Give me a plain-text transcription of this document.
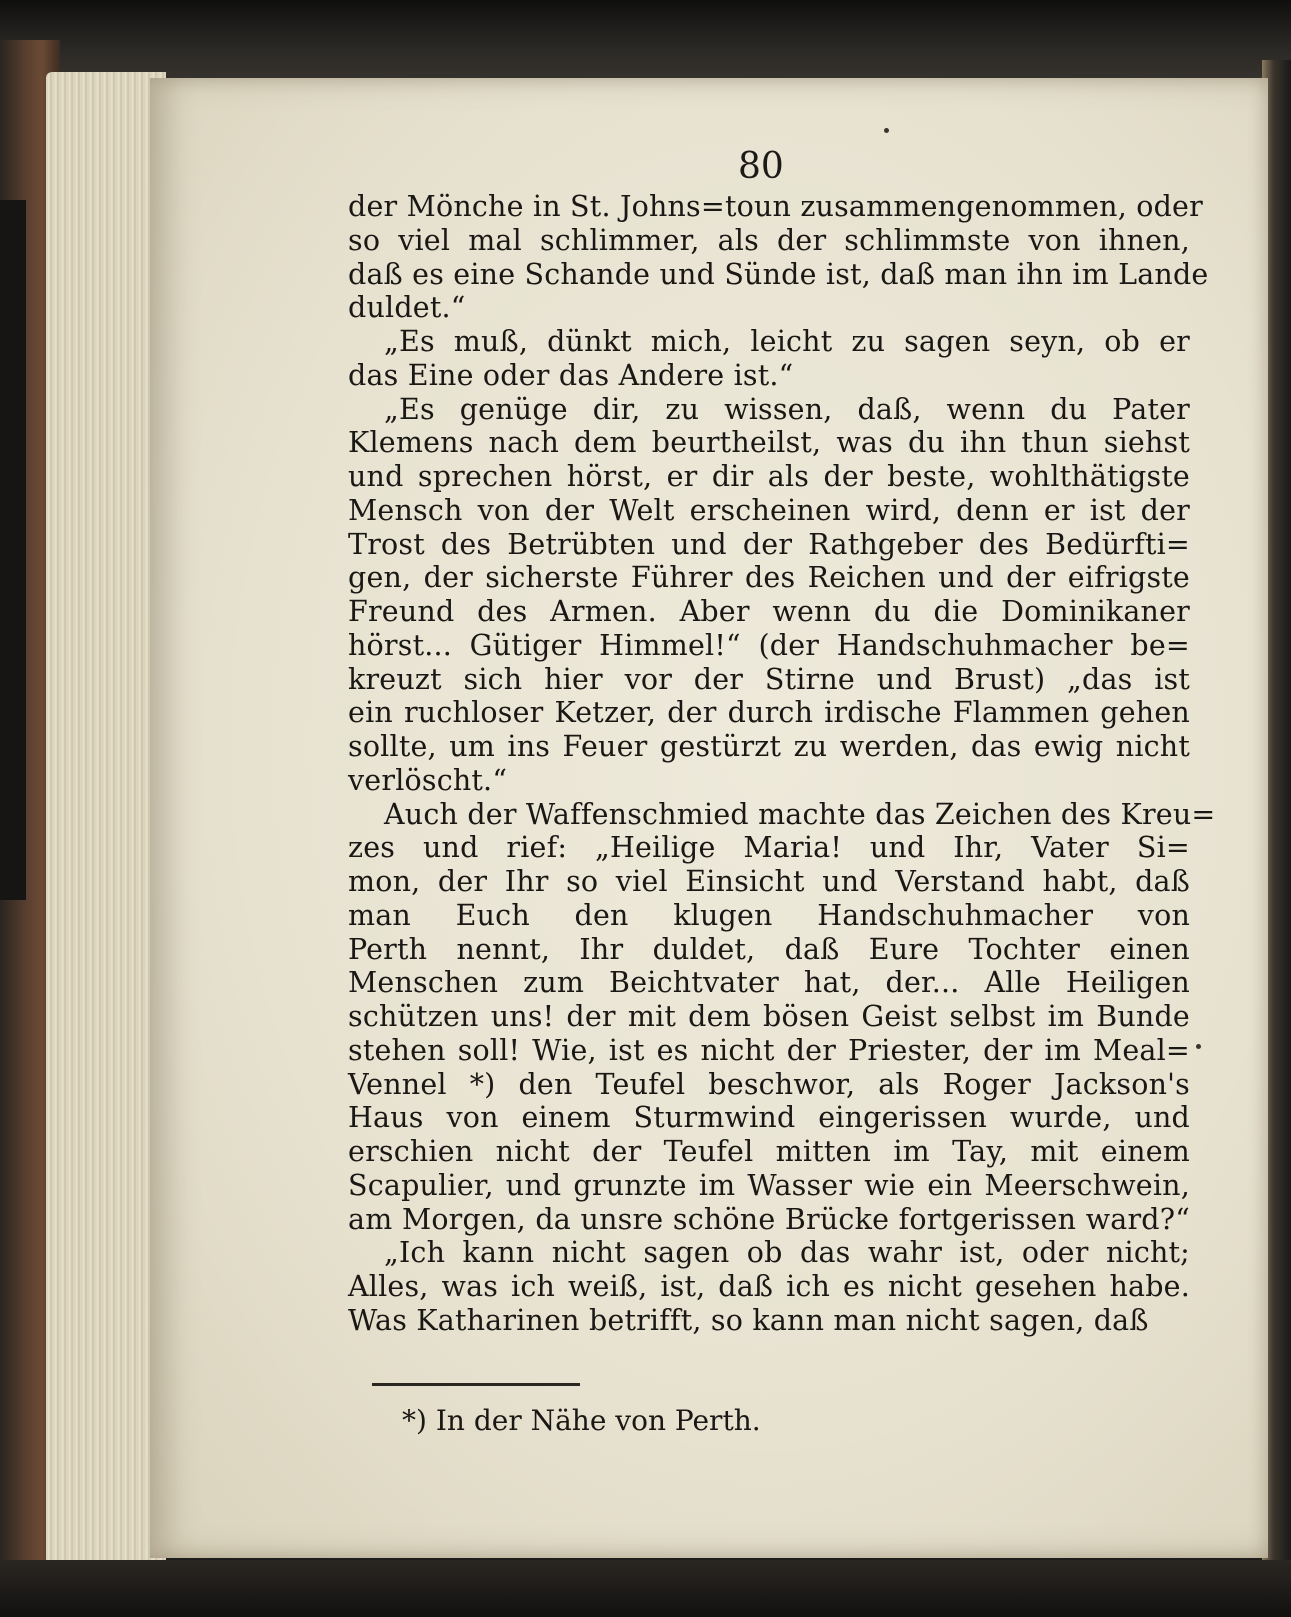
80
der Mönche in St. Johns=toun zusammengenommen, oder
so viel mal schlimmer, als der schlimmste von ihnen,
daß es eine Schande und Sünde ist, daß man ihn im Lande
duldet.“
„Es muß, dünkt mich, leicht zu sagen seyn, ob er
das Eine oder das Andere ist.“
„Es genüge dir, zu wissen, daß, wenn du Pater
Klemens nach dem beurtheilst, was du ihn thun siehst
und sprechen hörst, er dir als der beste, wohlthätigste
Mensch von der Welt erscheinen wird, denn er ist der
Trost des Betrübten und der Rathgeber des Bedürfti=
gen, der sicherste Führer des Reichen und der eifrigste
Freund des Armen. Aber wenn du die Dominikaner
hörst... Gütiger Himmel!“ (der Handschuhmacher be=
kreuzt sich hier vor der Stirne und Brust) „das ist
ein ruchloser Ketzer, der durch irdische Flammen gehen
sollte, um ins Feuer gestürzt zu werden, das ewig nicht
verlöscht.“
Auch der Waffenschmied machte das Zeichen des Kreu=
zes und rief: „Heilige Maria! und Ihr, Vater Si=
mon, der Ihr so viel Einsicht und Verstand habt, daß
man Euch den klugen Handschuhmacher von
Perth nennt, Ihr duldet, daß Eure Tochter einen
Menschen zum Beichtvater hat, der... Alle Heiligen
schützen uns! der mit dem bösen Geist selbst im Bunde
stehen soll! Wie, ist es nicht der Priester, der im Meal=
Vennel *) den Teufel beschwor, als Roger Jackson's
Haus von einem Sturmwind eingerissen wurde, und
erschien nicht der Teufel mitten im Tay, mit einem
Scapulier, und grunzte im Wasser wie ein Meerschwein,
am Morgen, da unsre schöne Brücke fortgerissen ward?“
„Ich kann nicht sagen ob das wahr ist, oder nicht;
Alles, was ich weiß, ist, daß ich es nicht gesehen habe.
Was Katharinen betrifft, so kann man nicht sagen, daß
*) In der Nähe von Perth.
